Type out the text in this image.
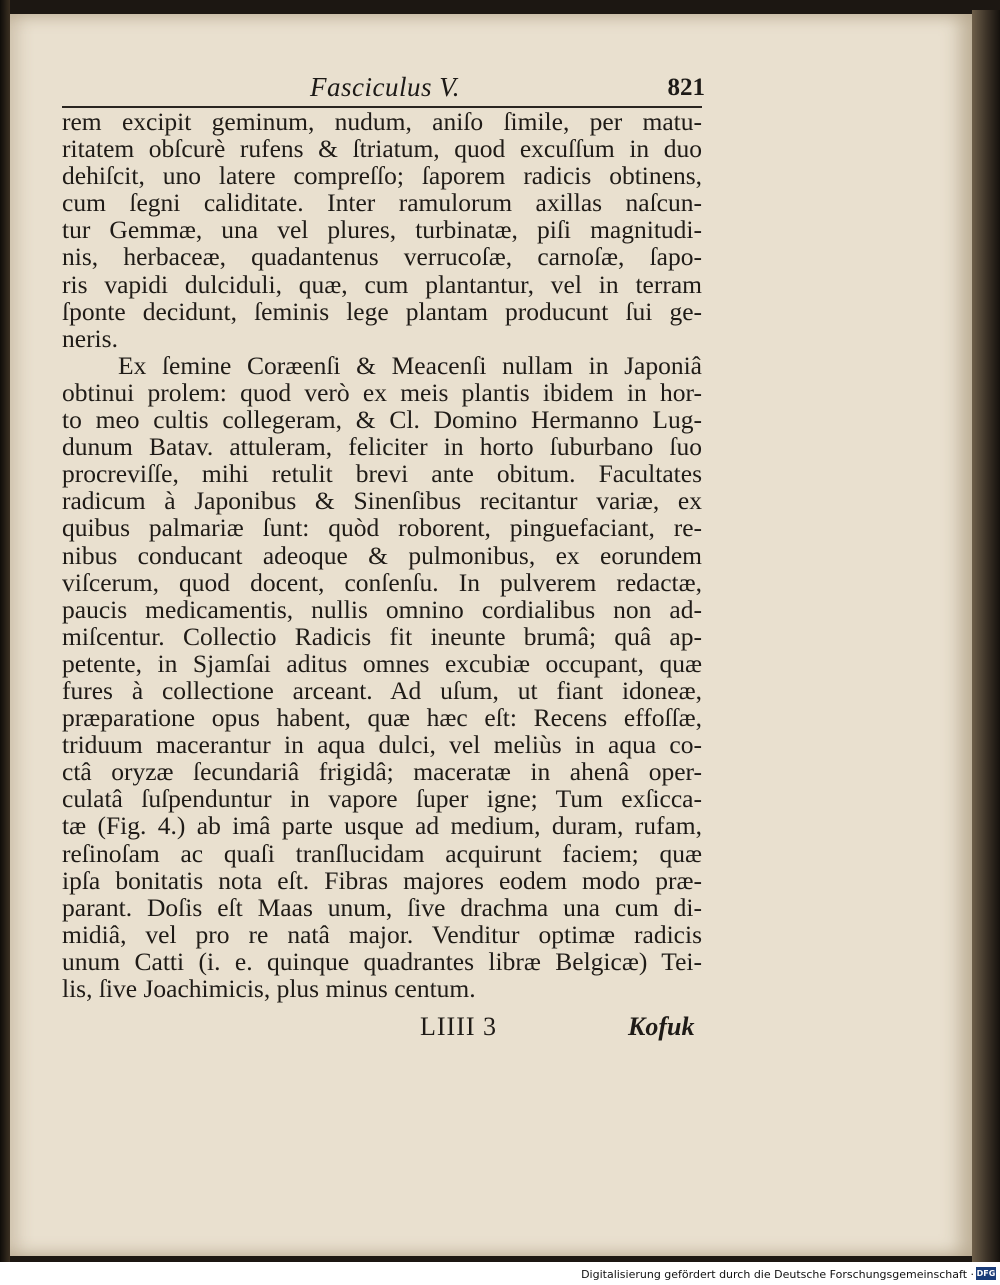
Fasciculus V.	821
rem excipit geminum, nudum, aniſo ſimile, per matu-
ritatem obſcurè rufens & ſtriatum, quod excuſſum in duo
dehiſcit, uno latere compreſſo; ſaporem radicis obtinens,
cum ſegni caliditate. Inter ramulorum axillas naſcun-
tur Gemmæ, una vel plures, turbinatæ, piſi magnitudi-
nis, herbaceæ, quadantenus verrucoſæ, carnoſæ, ſapo-
ris vapidi dulciduli, quæ, cum plantantur, vel in terram
ſponte decidunt, ſeminis lege plantam producunt ſui ge-
neris.
Ex ſemine Coræenſi & Meacenſi nullam in Japoniâ
obtinui prolem: quod verò ex meis plantis ibidem in hor-
to meo cultis collegeram, & Cl. Domino Hermanno Lug-
dunum Batav. attuleram, feliciter in horto ſuburbano ſuo
procreviſſe, mihi retulit brevi ante obitum. Facultates
radicum à Japonibus & Sinenſibus recitantur variæ, ex
quibus palmariæ ſunt: quòd roborent, pinguefaciant, re-
nibus conducant adeoque & pulmonibus, ex eorundem
viſcerum, quod docent, conſenſu. In pulverem redactæ,
paucis medicamentis, nullis omnino cordialibus non ad-
miſcentur. Collectio Radicis fit ineunte brumâ; quâ ap-
petente, in Sjamſai aditus omnes excubiæ occupant, quæ
fures à collectione arceant. Ad uſum, ut fiant idoneæ,
præparatione opus habent, quæ hæc eſt: Recens effoſſæ,
triduum macerantur in aqua dulci, vel meliùs in aqua co-
ctâ oryzæ ſecundariâ frigidâ; maceratæ in ahenâ oper-
culatâ ſuſpenduntur in vapore ſuper igne; Tum exſicca-
tæ (Fig. 4.) ab imâ parte usque ad medium, duram, rufam,
reſinoſam ac quaſi tranſlucidam acquirunt faciem; quæ
ipſa bonitatis nota eſt. Fibras majores eodem modo præ-
parant. Doſis eſt Maas unum, ſive drachma una cum di-
midiâ, vel pro re natâ major. Venditur optimæ radicis
unum Catti (i. e. quinque quadrantes libræ Belgicæ) Tei-
lis, ſive Joachimicis, plus minus centum.
LIIII 3	Kofuk
Digitalisierung gefördert durch die Deutsche Forschungsgemeinschaft · DFG
